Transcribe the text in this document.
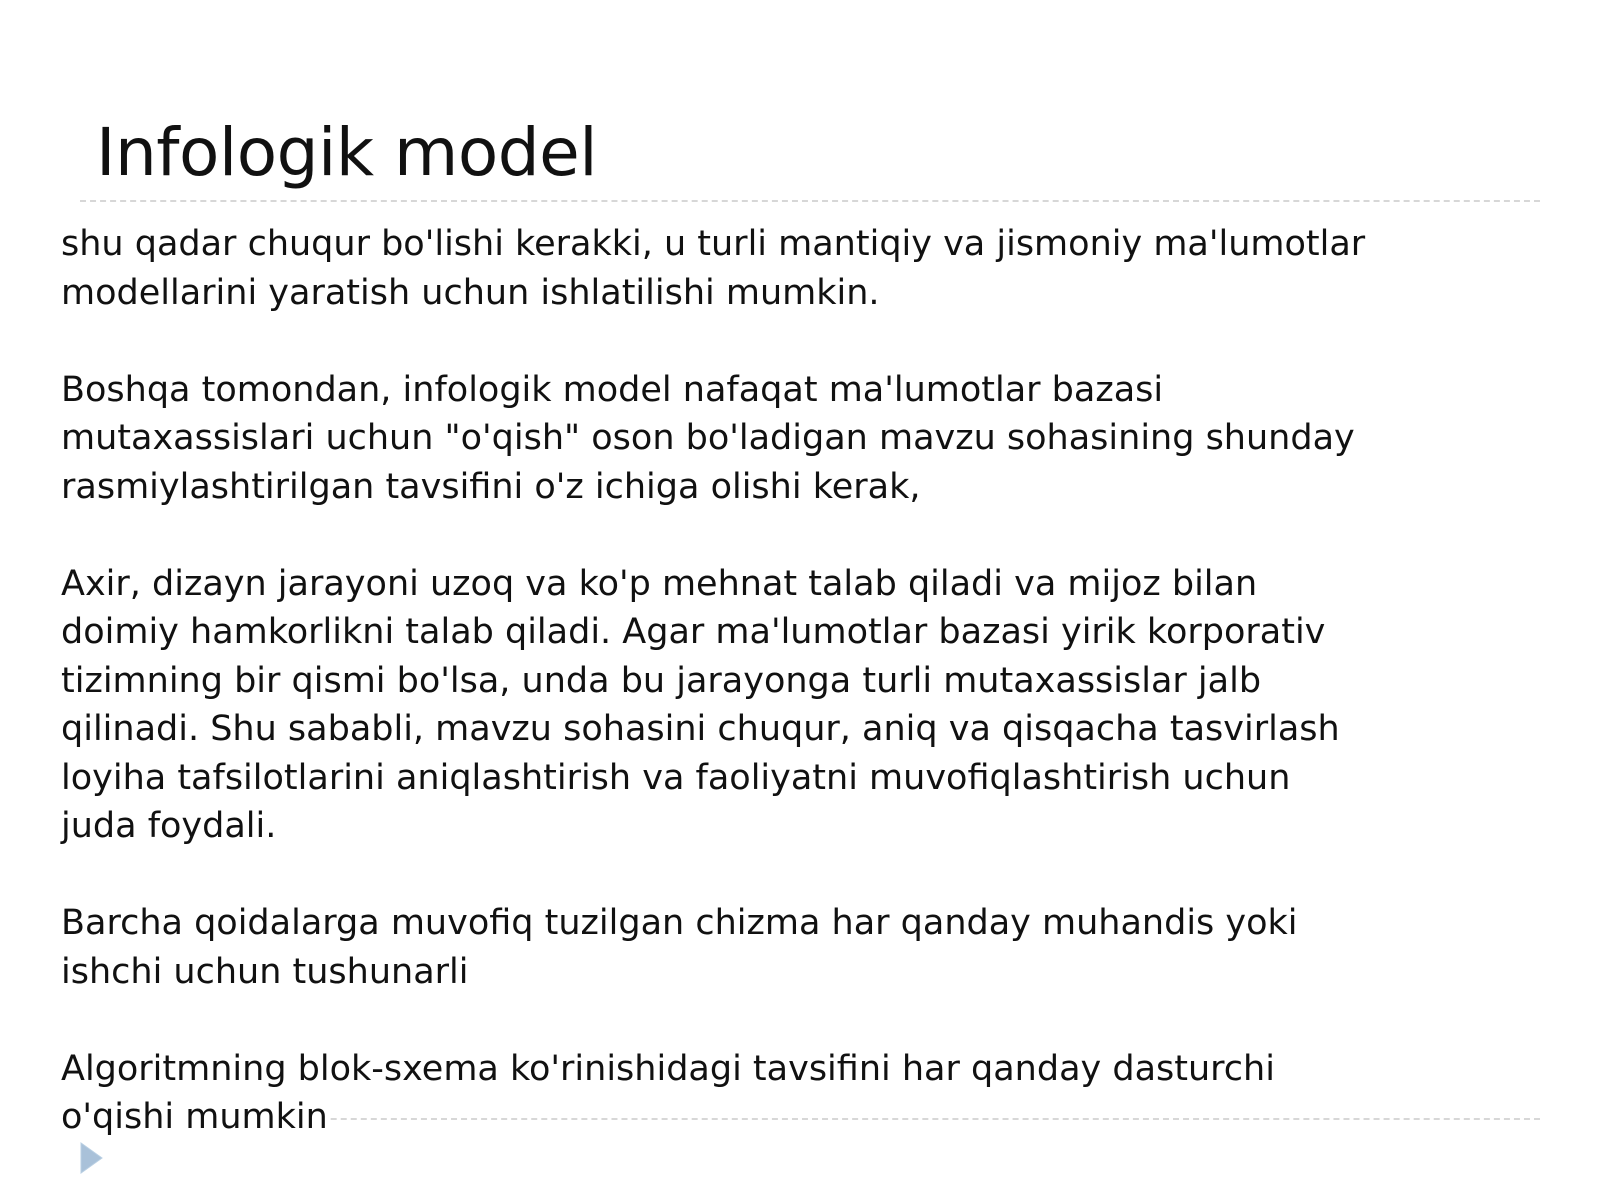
Infologik model

shu qadar chuqur bo'lishi kerakki, u turli mantiqiy va jismoniy ma'lumotlar
modellarini yaratish uchun ishlatilishi mumkin.

Boshqa tomondan, infologik model nafaqat ma'lumotlar bazasi
mutaxassislari uchun "o'qish" oson bo'ladigan mavzu sohasining shunday
rasmiylashtirilgan tavsifini o'z ichiga olishi kerak,

Axir, dizayn jarayoni uzoq va ko'p mehnat talab qiladi va mijoz bilan
doimiy hamkorlikni talab qiladi. Agar ma'lumotlar bazasi yirik korporativ
tizimning bir qismi bo'lsa, unda bu jarayonga turli mutaxassislar jalb
qilinadi. Shu sababli, mavzu sohasini chuqur, aniq va qisqacha tasvirlash
loyiha tafsilotlarini aniqlashtirish va faoliyatni muvofiqlashtirish uchun
juda foydali.

Barcha qoidalarga muvofiq tuzilgan chizma har qanday muhandis yoki
ishchi uchun tushunarli

Algoritmning blok-sxema ko'rinishidagi tavsifini har qanday dasturchi
o'qishi mumkin
